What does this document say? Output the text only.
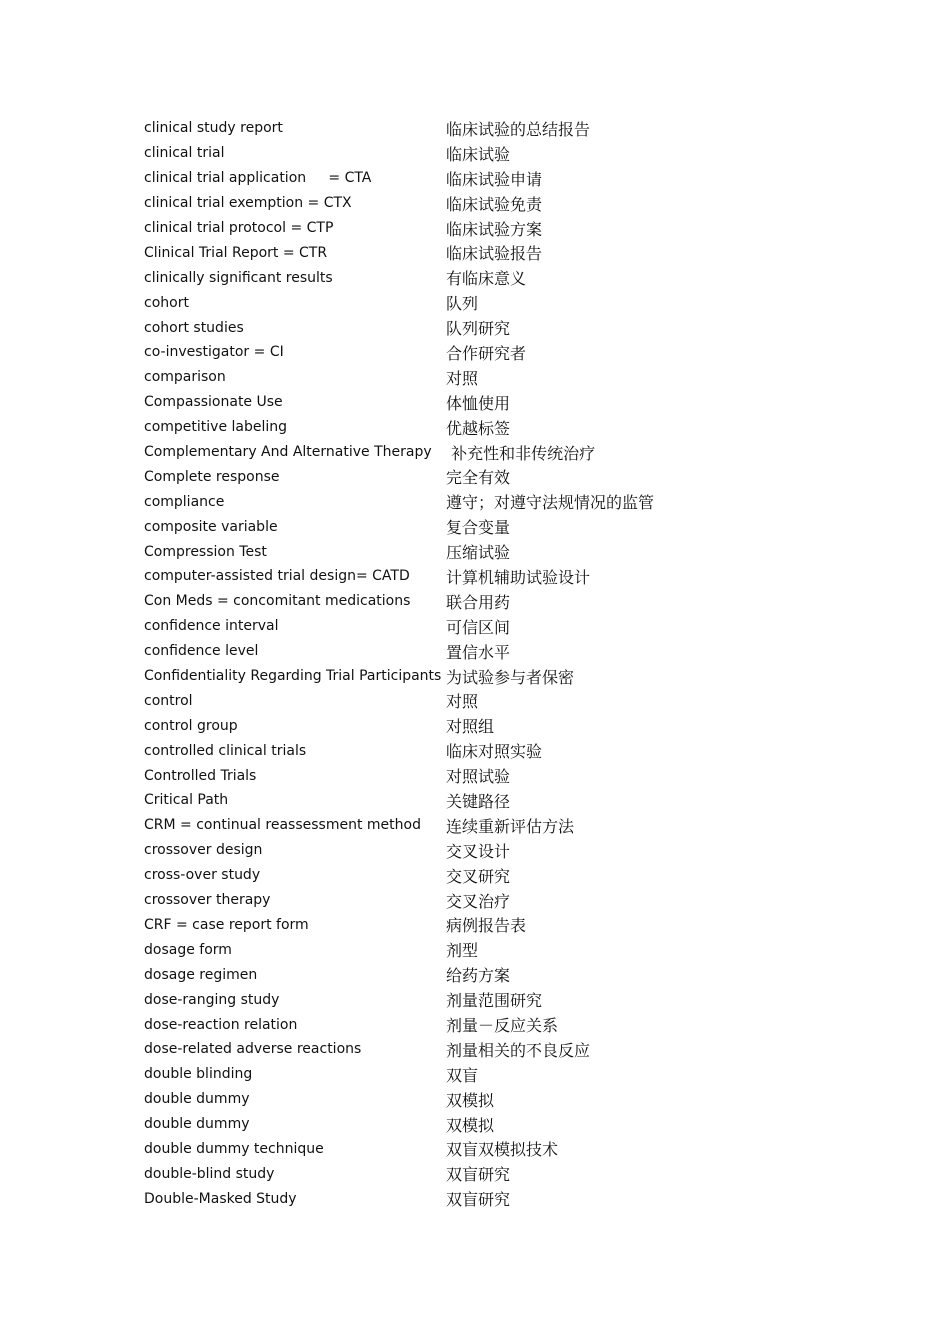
clinical study report	临床试验的总结报告
clinical trial	临床试验
clinical trial application     = CTA	临床试验申请
clinical trial exemption = CTX	临床试验免责
clinical trial protocol = CTP	临床试验方案
Clinical Trial Report = CTR	临床试验报告
clinically significant results	有临床意义
cohort	队列
cohort studies	队列研究
co-investigator = CI	合作研究者
comparison	对照
Compassionate Use	体恤使用
competitive labeling	优越标签
Complementary And Alternative Therapy 补充性和非传统治疗
Complete response	完全有效
compliance	遵守；对遵守法规情况的监管
composite variable	复合变量
Compression Test	压缩试验
computer-assisted trial design= CATD	计算机辅助试验设计
Con Meds = concomitant medications	联合用药
confidence interval	可信区间
confidence level	置信水平
Confidentiality Regarding Trial Participants 为试验参与者保密
control	对照
control group	对照组
controlled clinical trials	临床对照实验
Controlled Trials	对照试验
Critical Path	关键路径
CRM = continual reassessment method	连续重新评估方法
crossover design	交叉设计
cross-over study	交叉研究
crossover therapy	交叉治疗
CRF = case report form	病例报告表
dosage form	剂型
dosage regimen	给药方案
dose-ranging study	剂量范围研究
dose-reaction relation	剂量－反应关系
dose-related adverse reactions	剂量相关的不良反应
double blinding	双盲
double dummy	双模拟
double dummy	双模拟
double dummy technique	双盲双模拟技术
double-blind study	双盲研究
Double-Masked Study	双盲研究
